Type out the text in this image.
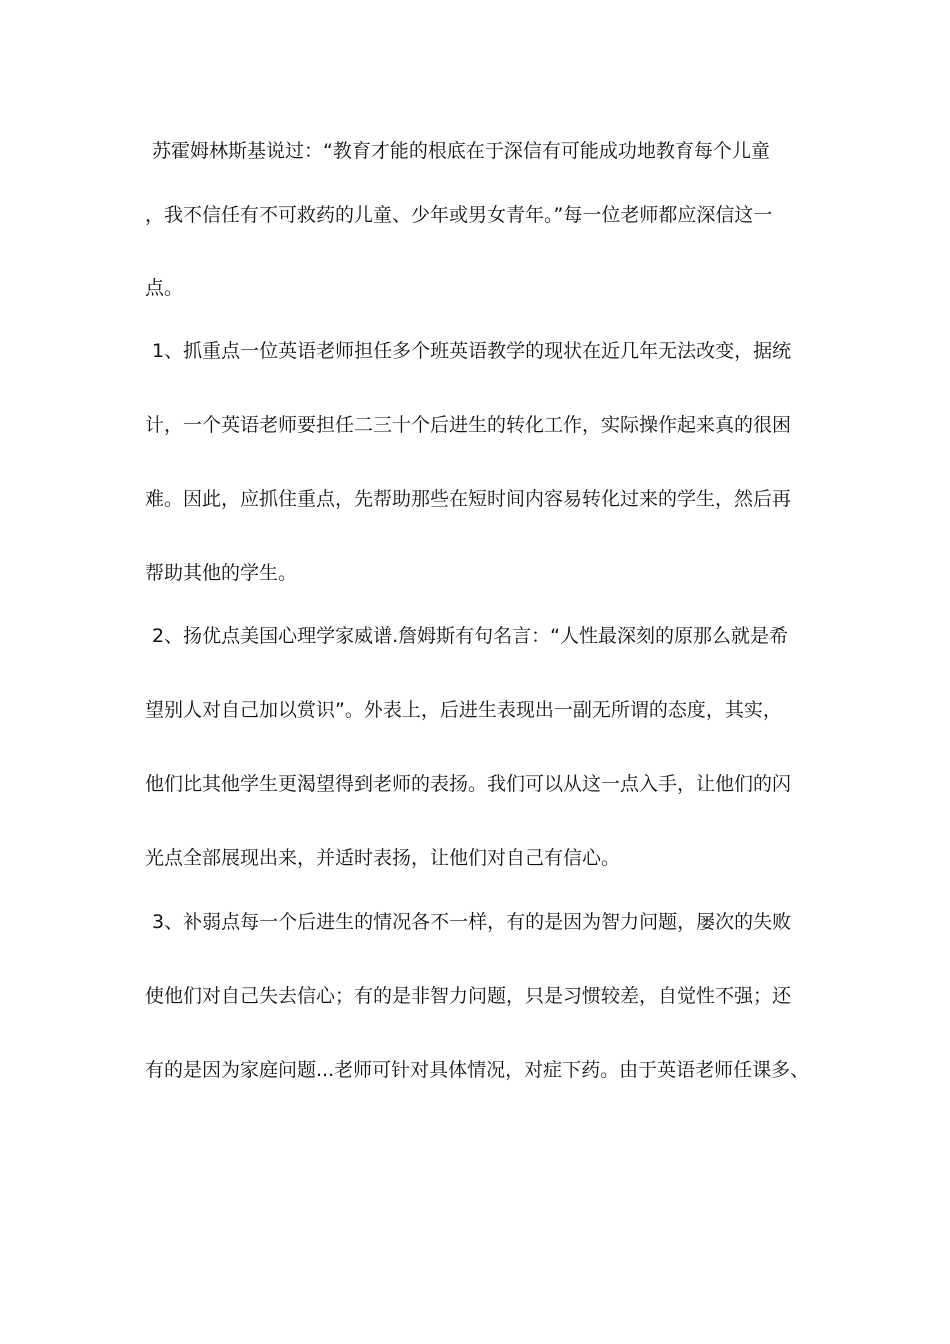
苏霍姆林斯基说过：“教育才能的根底在于深信有可能成功地教育每个儿童
，我不信任有不可救药的儿童、少年或男女青年。”每一位老师都应深信这一
点。
1、抓重点一位英语老师担任多个班英语教学的现状在近几年无法改变，据统
计，一个英语老师要担任二三十个后进生的转化工作，实际操作起来真的很困
难。因此，应抓住重点，先帮助那些在短时间内容易转化过来的学生，然后再
帮助其他的学生。
2、扬优点美国心理学家威谱.詹姆斯有句名言：“人性最深刻的原那么就是希
望别人对自己加以赏识”。外表上，后进生表现出一副无所谓的态度，其实，
他们比其他学生更渴望得到老师的表扬。我们可以从这一点入手，让他们的闪
光点全部展现出来，并适时表扬，让他们对自己有信心。
3、补弱点每一个后进生的情况各不一样，有的是因为智力问题，屡次的失败
使他们对自己失去信心；有的是非智力问题，只是习惯较差，自觉性不强；还
有的是因为家庭问题...老师可针对具体情况，对症下药。由于英语老师任课多、
